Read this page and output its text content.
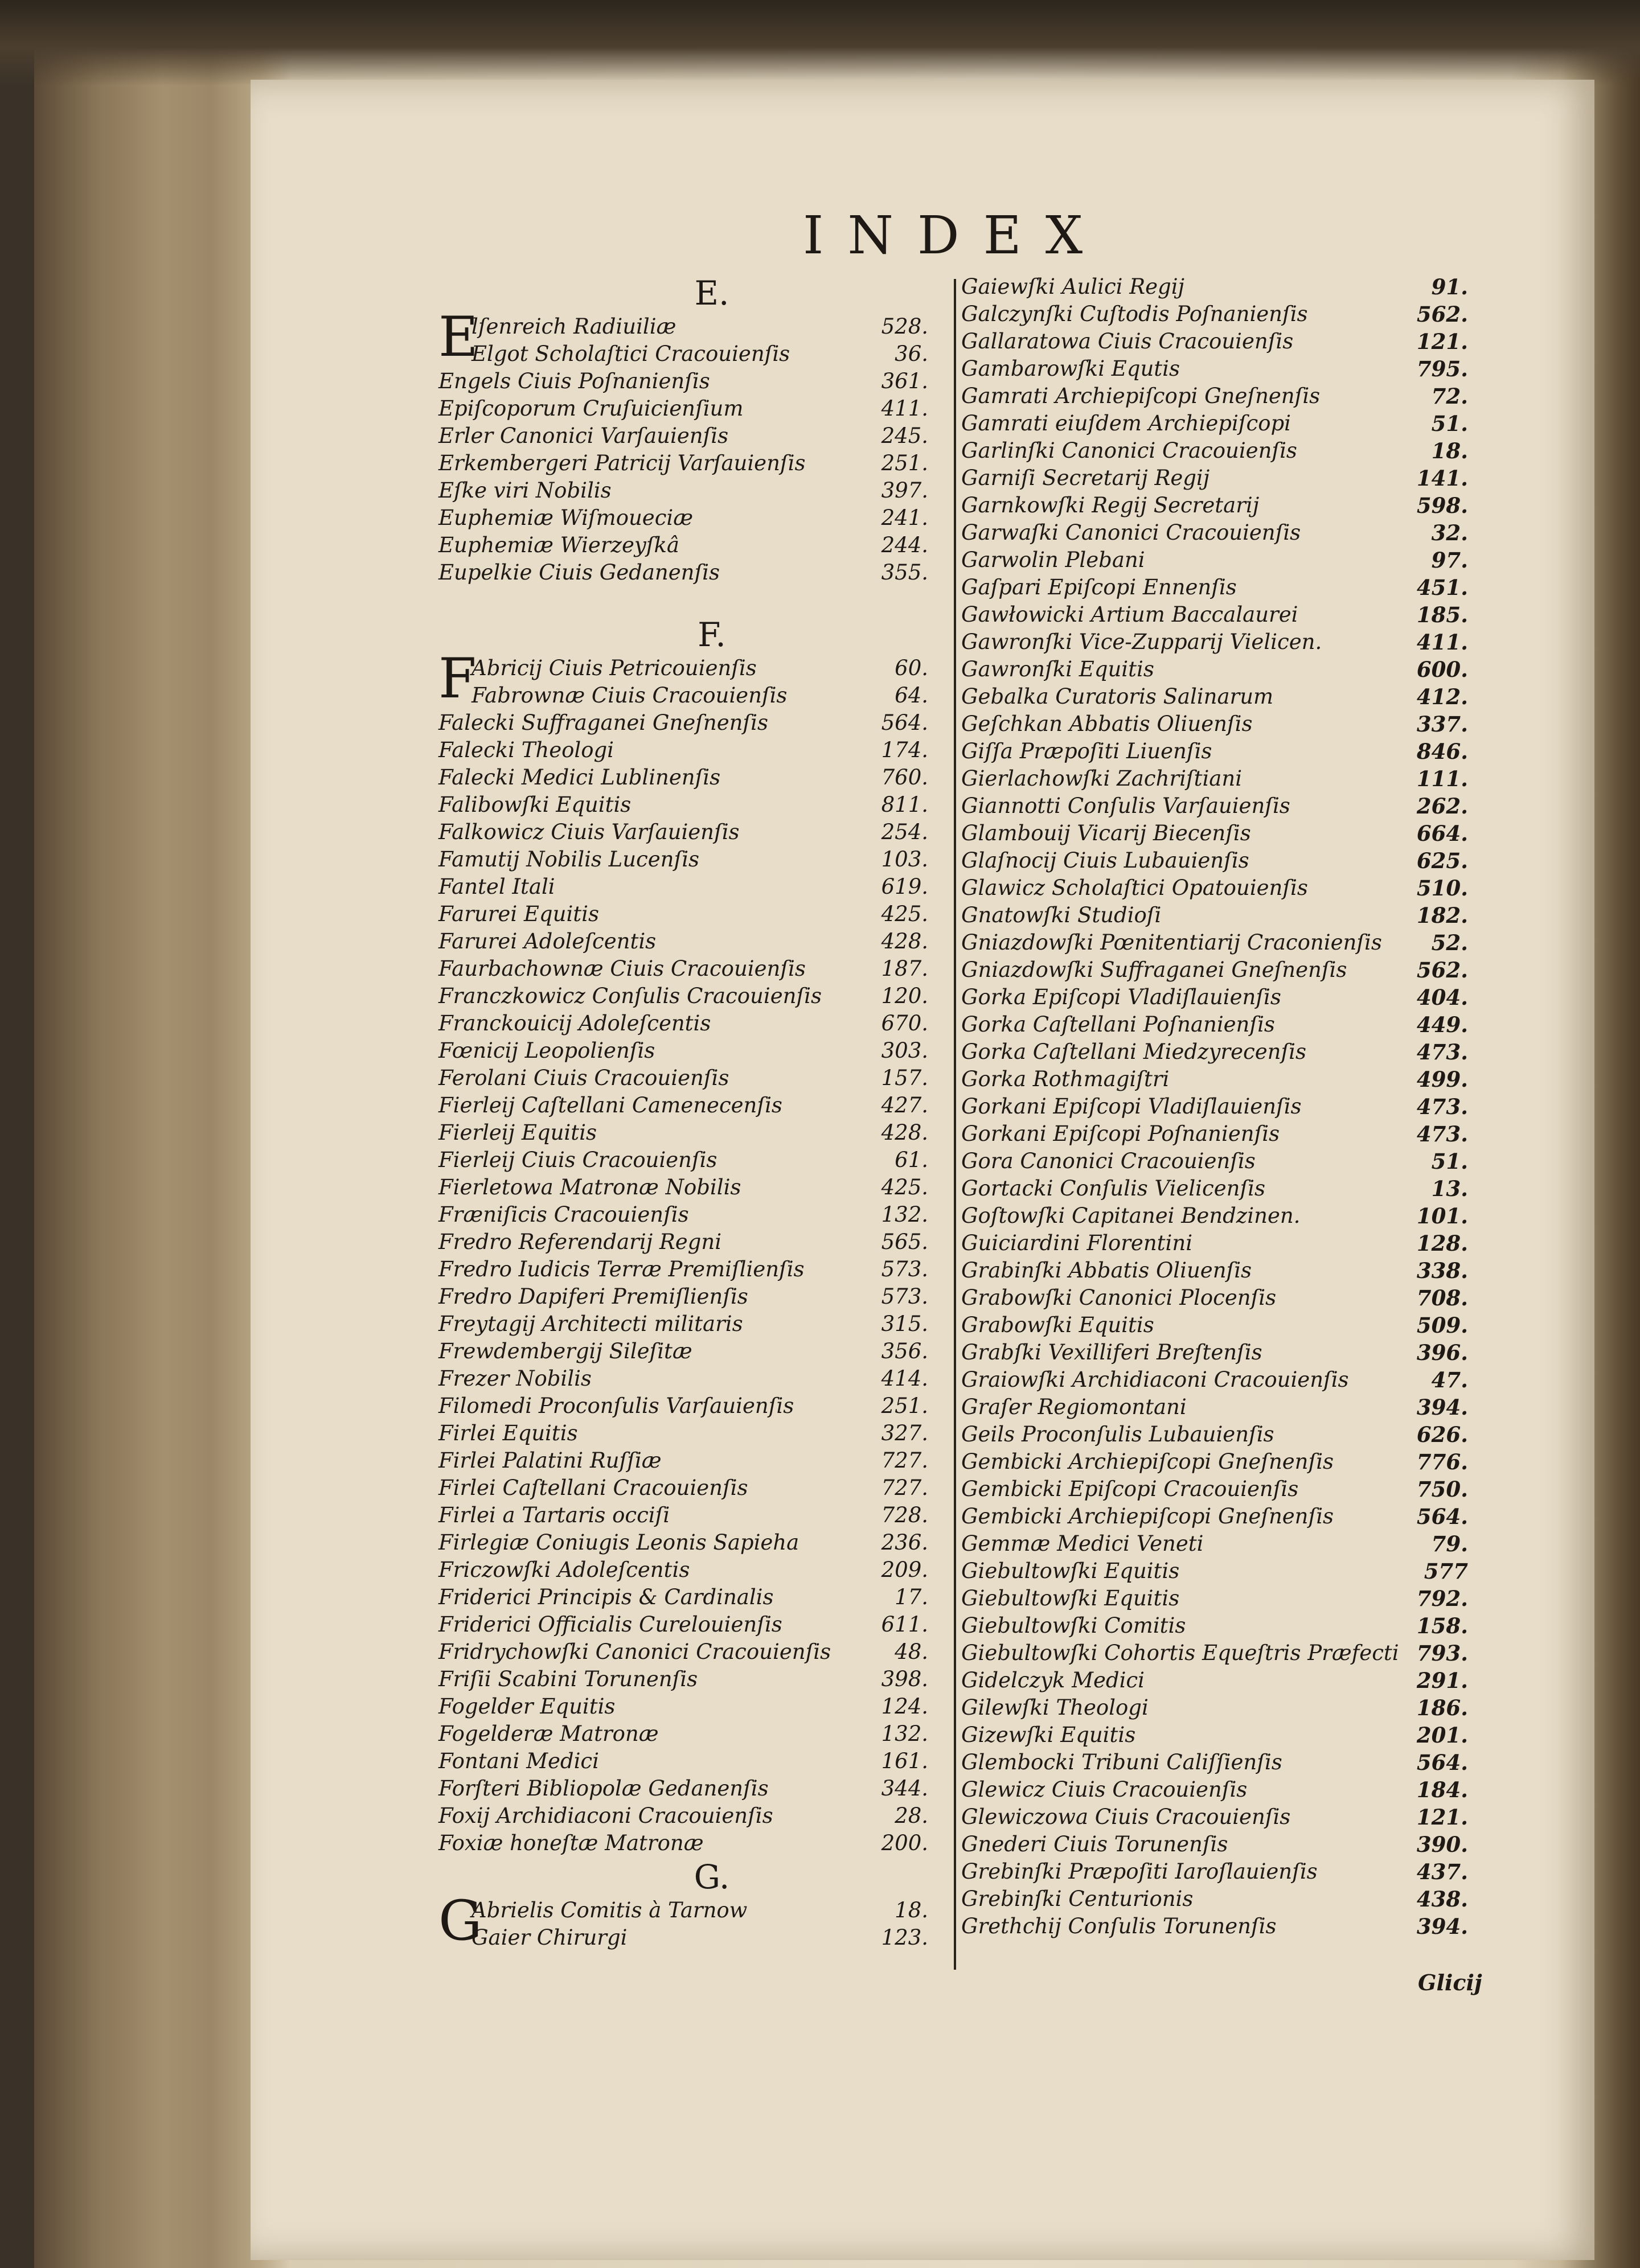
INDEX
E.
E
lſenreich Radiuiliæ	528.
Elgot Scholaſtici Cracouienſis	36.
Engels Ciuis Poſnanienſis	361.
Epiſcoporum Cruſuicienſium	411.
Erler Canonici Varſauienſis	245.
Erkembergeri Patricij Varſauienſis	251.
Eſke viri Nobilis	397.
Euphemiæ Wiſmoueciæ	241.
Euphemiæ Wierzeyſkâ	244.
Eupelkie Ciuis Gedanenſis	355.
F.
F
Abricij Ciuis Petricouienſis	60.
Fabrownæ Ciuis Cracouienſis	64.
Falecki Suffraganei Gneſnenſis	564.
Falecki Theologi	174.
Falecki Medici Lublinenſis	760.
Falibowſki Equitis	811.
Falkowicz Ciuis Varſauienſis	254.
Famutij Nobilis Lucenſis	103.
Fantel Itali	619.
Farurei Equitis	425.
Farurei Adoleſcentis	428.
Faurbachownæ Ciuis Cracouienſis	187.
Franczkowicz Conſulis Cracouienſis	120.
Franckouicij Adoleſcentis	670.
Fœnicij Leopolienſis	303.
Ferolani Ciuis Cracouienſis	157.
Fierleij Caſtellani Camenecenſis	427.
Fierleij Equitis	428.
Fierleij Ciuis Cracouienſis	61.
Fierletowa Matronæ Nobilis	425.
Fræniſicis Cracouienſis	132.
Fredro Referendarij Regni	565.
Fredro Iudicis Terræ Premiſlienſis	573.
Fredro Dapiferi Premiſlienſis	573.
Freytagij Architecti militaris	315.
Frewdembergij Sileſitæ	356.
Frezer Nobilis	414.
Filomedi Proconſulis Varſauienſis	251.
Firlei Equitis	327.
Firlei Palatini Ruſſiæ	727.
Firlei Caſtellani Cracouienſis	727.
Firlei a Tartaris occiſi	728.
Firlegiæ Coniugis Leonis Sapieha	236.
Friczowſki Adoleſcentis	209.
Friderici Principis & Cardinalis	17.
Friderici Officialis Curelouienſis	611.
Fridrychowſki Canonici Cracouienſis	48.
Friſii Scabini Torunenſis	398.
Fogelder Equitis	124.
Fogelderæ Matronæ	132.
Fontani Medici	161.
Forſteri Bibliopolæ Gedanenſis	344.
Foxij Archidiaconi Cracouienſis	28.
Foxiæ honeſtæ Matronæ	200.
G.
G
Abrielis Comitis à Tarnow	18.
Gaier Chirurgi	123.
Gaiewſki Aulici Regij	91.
Galczynſki Cuſtodis Poſnanienſis	562.
Gallaratowa Ciuis Cracouienſis	121.
Gambarowſki Equtis	795.
Gamrati Archiepiſcopi Gneſnenſis	72.
Gamrati eiuſdem Archiepiſcopi	51.
Garlinſki Canonici Cracouienſis	18.
Garniſi Secretarij Regij	141.
Garnkowſki Regij Secretarij	598.
Garwaſki Canonici Cracouienſis	32.
Garwolin Plebani	97.
Gaſpari Epiſcopi Ennenſis	451.
Gawłowicki Artium Baccalaurei	185.
Gawronſki Vice-Zupparij Vielicen.	411.
Gawronſki Equitis	600.
Gebalka Curatoris Salinarum	412.
Geſchkan Abbatis Oliuenſis	337.
Giſſa Præpoſiti Liuenſis	846.
Gierlachowſki Zachriſtiani	111.
Giannotti Conſulis Varſauienſis	262.
Glambouij Vicarij Biecenſis	664.
Glaſnocij Ciuis Lubauienſis	625.
Glawicz Scholaſtici Opatouienſis	510.
Gnatowſki Studioſi	182.
Gniazdowſki Pœnitentiarij Craconienſis 52.
Gniazdowſki Suffraganei Gneſnenſis	562.
Gorka Epiſcopi Vladiſlauienſis	404.
Gorka Caſtellani Poſnanienſis	449.
Gorka Caſtellani Miedzyrecenſis	473.
Gorka Rothmagiſtri	499.
Gorkani Epiſcopi Vladiſlauienſis	473.
Gorkani Epiſcopi Poſnanienſis	473.
Gora Canonici Cracouienſis	51.
Gortacki Conſulis Vielicenſis	13.
Goſtowſki Capitanei Bendzinen.	101.
Guiciardini Florentini	128.
Grabinſki Abbatis Oliuenſis	338.
Grabowſki Canonici Plocenſis	708.
Grabowſki Equitis	509.
Grabſki Vexilliferi Breſtenſis	396.
Graiowſki Archidiaconi Cracouienſis	47.
Graſer Regiomontani	394.
Geils Proconſulis Lubauienſis	626.
Gembicki Archiepiſcopi Gneſnenſis	776.
Gembicki Epiſcopi Cracouienſis	750.
Gembicki Archiepiſcopi Gneſnenſis	564.
Gemmæ Medici Veneti	79.
Giebultowſki Equitis	577
Giebultowſki Equitis	792.
Giebultowſki Comitis	158.
Giebultowſki Cohortis Equeſtris Præfecti 793.
Gidelczyk Medici	291.
Gilewſki Theologi	186.
Gizewſki Equitis	201.
Glembocki Tribuni Caliſſienſis	564.
Glewicz Ciuis Cracouienſis	184.
Glewiczowa Ciuis Cracouienſis	121.
Gnederi Ciuis Torunenſis	390.
Grebinſki Præpoſiti Iaroſlauienſis	437.
Grebinſki Centurionis	438.
Grethchij Conſulis Torunenſis	394.
Glicij
